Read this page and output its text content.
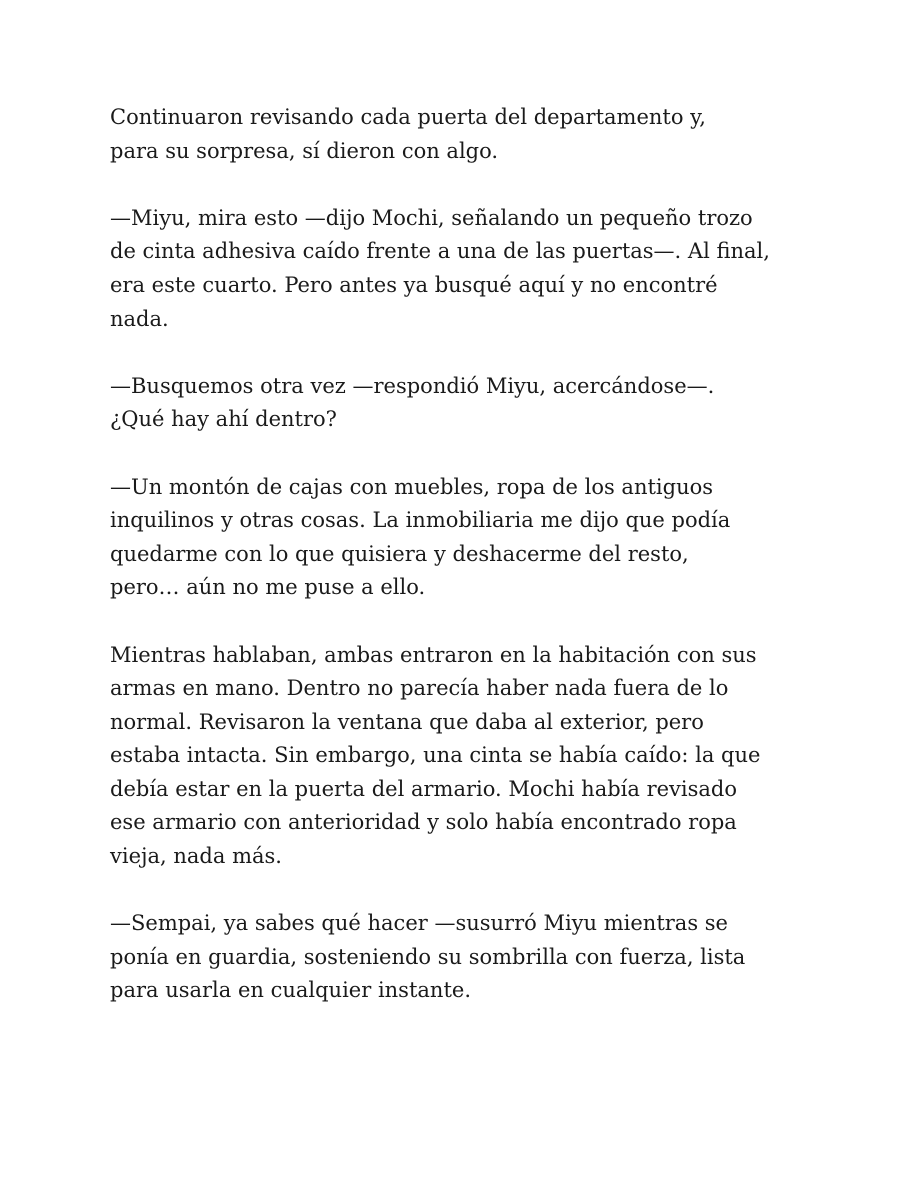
Continuaron revisando cada puerta del departamento y,
para su sorpresa, sí dieron con algo.

—Miyu, mira esto —dijo Mochi, señalando un pequeño trozo
de cinta adhesiva caído frente a una de las puertas—. Al final,
era este cuarto. Pero antes ya busqué aquí y no encontré
nada.

—Busquemos otra vez —respondió Miyu, acercándose—.
¿Qué hay ahí dentro?

—Un montón de cajas con muebles, ropa de los antiguos
inquilinos y otras cosas. La inmobiliaria me dijo que podía
quedarme con lo que quisiera y deshacerme del resto,
pero… aún no me puse a ello.

Mientras hablaban, ambas entraron en la habitación con sus
armas en mano. Dentro no parecía haber nada fuera de lo
normal. Revisaron la ventana que daba al exterior, pero
estaba intacta. Sin embargo, una cinta se había caído: la que
debía estar en la puerta del armario. Mochi había revisado
ese armario con anterioridad y solo había encontrado ropa
vieja, nada más.

—Sempai, ya sabes qué hacer —susurró Miyu mientras se
ponía en guardia, sosteniendo su sombrilla con fuerza, lista
para usarla en cualquier instante.
